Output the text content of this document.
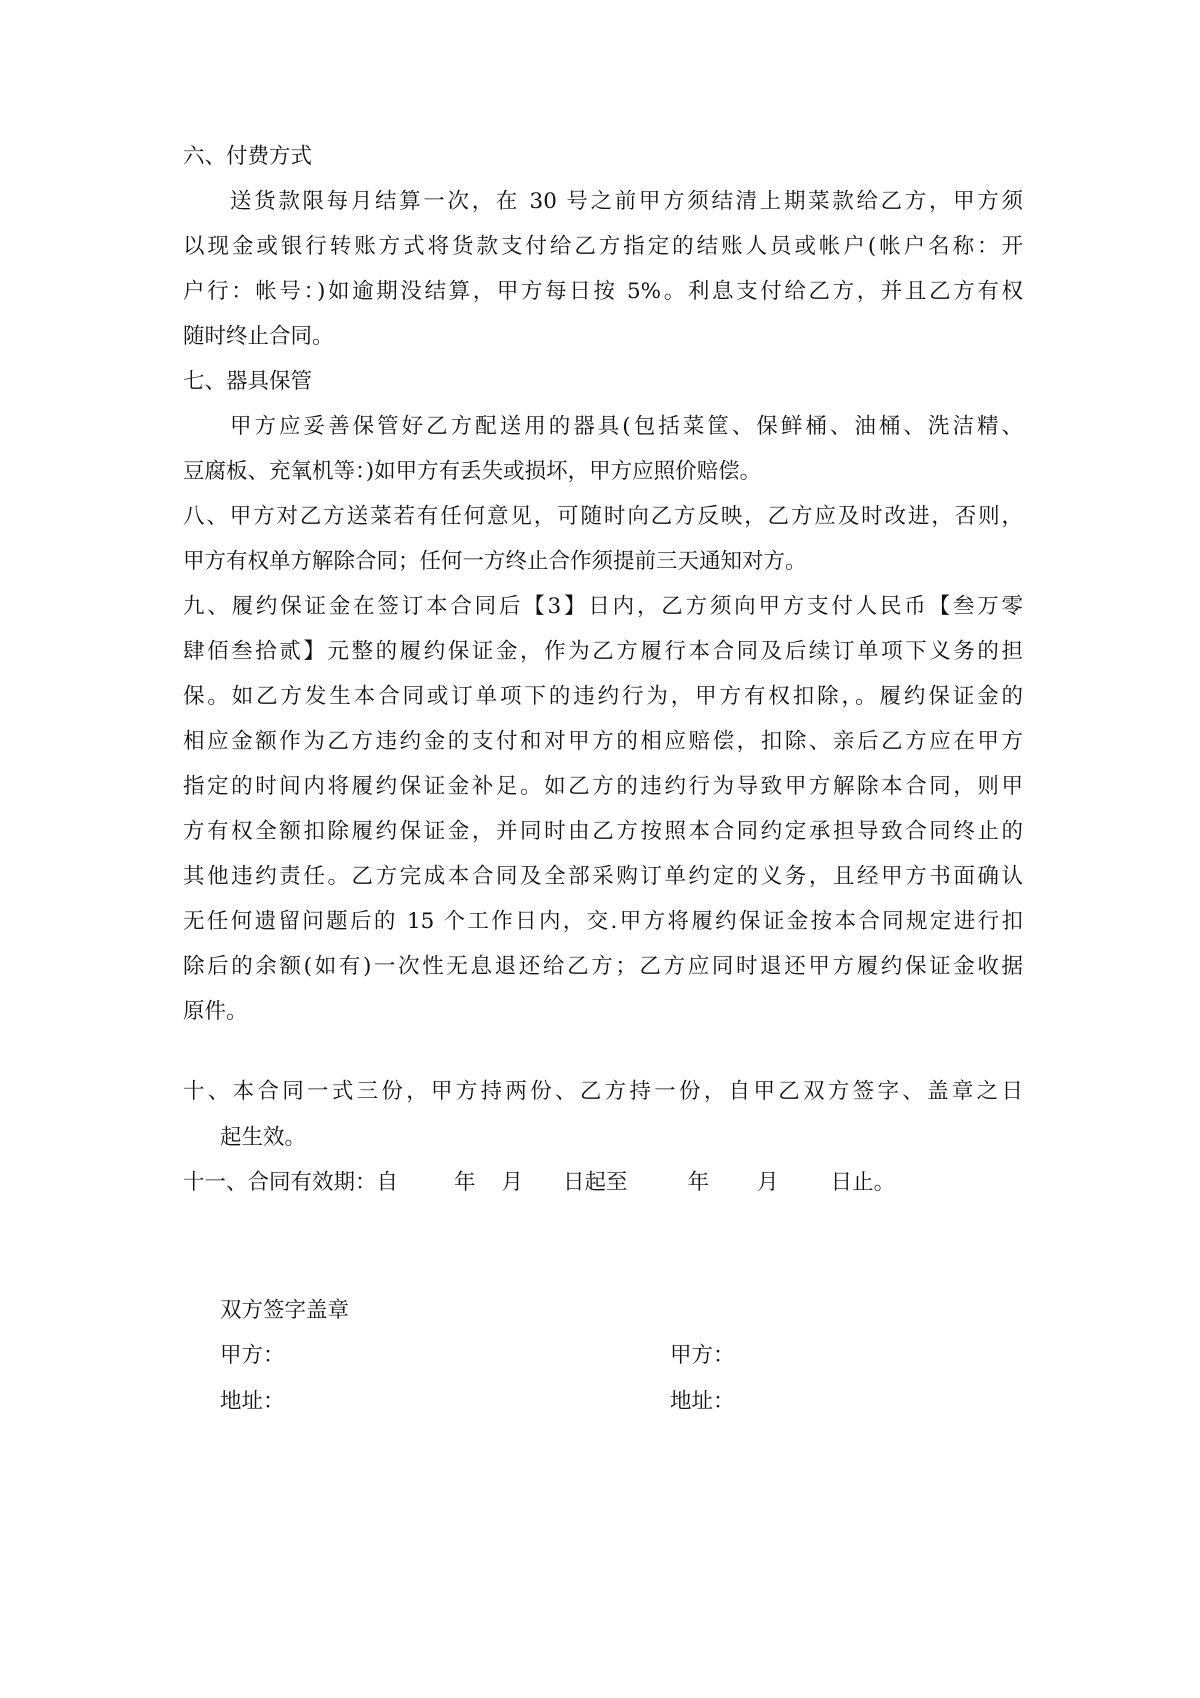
六、付费方式
送货款限每月结算一次，在 30 号之前甲方须结清上期菜款给乙方，甲方须
以现金或银行转账方式将货款支付给乙方指定的结账人员或帐户(帐户名称：开
户行：帐号：)如逾期没结算，甲方每日按 5%。利息支付给乙方，并且乙方有权
随时终止合同。
七、器具保管
甲方应妥善保管好乙方配送用的器具(包括菜筐、保鲜桶、油桶、洗洁精、
豆腐板、充氧机等：)如甲方有丢失或损坏，甲方应照价赔偿。
八、甲方对乙方送菜若有任何意见，可随时向乙方反映，乙方应及时改进，否则，
甲方有权单方解除合同；任何一方终止合作须提前三天通知对方。
九、履约保证金在签订本合同后【3】日内，乙方须向甲方支付人民币【叁万零
肆佰叁拾贰】元整的履约保证金，作为乙方履行本合同及后续订单项下义务的担
保。如乙方发生本合同或订单项下的违约行为，甲方有权扣除，。履约保证金的
相应金额作为乙方违约金的支付和对甲方的相应赔偿，扣除、亲后乙方应在甲方
指定的时间内将履约保证金补足。如乙方的违约行为导致甲方解除本合同，则甲
方有权全额扣除履约保证金，并同时由乙方按照本合同约定承担导致合同终止的
其他违约责任。乙方完成本合同及全部采购订单约定的义务，且经甲方书面确认
无任何遗留问题后的 15 个工作日内，交.甲方将履约保证金按本合同规定进行扣
除后的余额(如有)一次性无息退还给乙方；乙方应同时退还甲方履约保证金收据
原件。
十、本合同一式三份，甲方持两份、乙方持一份，自甲乙双方签字、盖章之日
起生效。
十一、合同有效期：自	年 月 日起至	年 月 日止。
双方签字盖章
甲方：	甲方：
地址：	地址：
